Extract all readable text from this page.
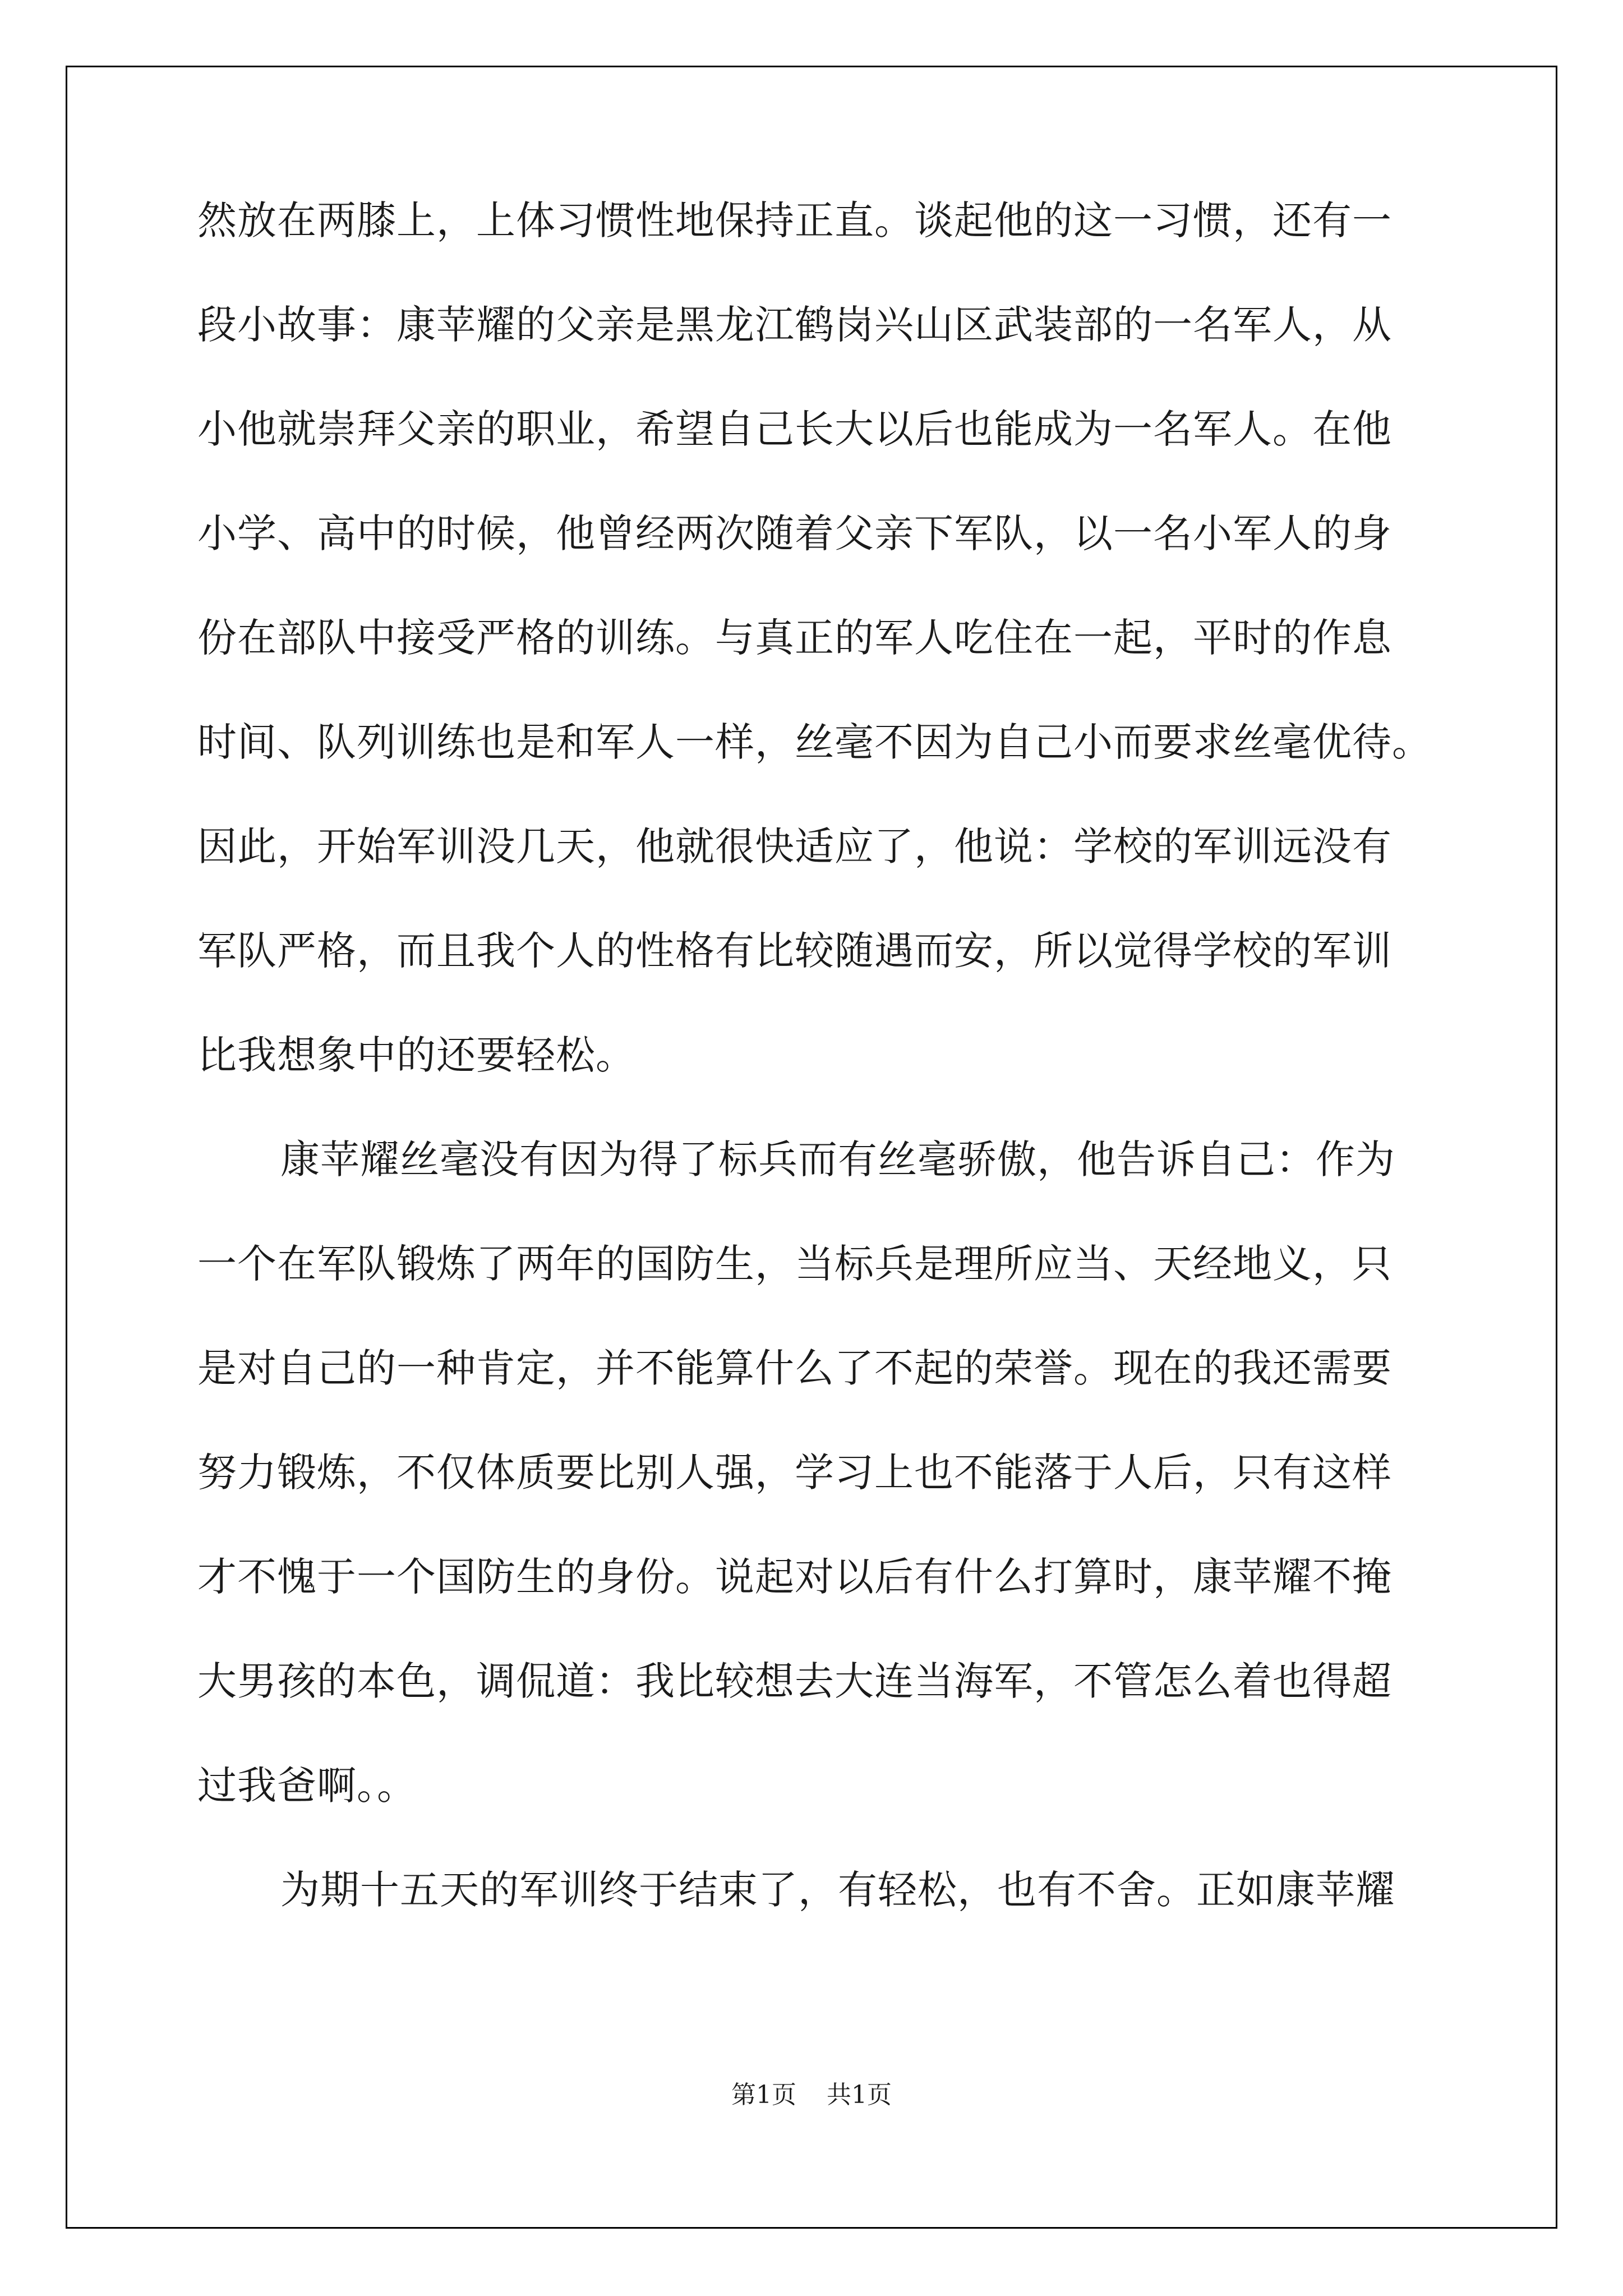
然放在两膝上，上体习惯性地保持正直。谈起他的这一习惯，还有一
段小故事：康苹耀的父亲是黑龙江鹤岗兴山区武装部的一名军人，从
小他就崇拜父亲的职业，希望自己长大以后也能成为一名军人。在他
小学、高中的时候，他曾经两次随着父亲下军队，以一名小军人的身
份在部队中接受严格的训练。与真正的军人吃住在一起，平时的作息
时间、队列训练也是和军人一样，丝毫不因为自己小而要求丝毫优待。
因此，开始军训没几天，他就很快适应了，他说：学校的军训远没有
军队严格，而且我个人的性格有比较随遇而安，所以觉得学校的军训
比我想象中的还要轻松。
康苹耀丝毫没有因为得了标兵而有丝毫骄傲，他告诉自己：作为
一个在军队锻炼了两年的国防生，当标兵是理所应当、天经地义，只
是对自己的一种肯定，并不能算什么了不起的荣誉。现在的我还需要
努力锻炼，不仅体质要比别人强，学习上也不能落于人后，只有这样
才不愧于一个国防生的身份。说起对以后有什么打算时，康苹耀不掩
大男孩的本色，调侃道：我比较想去大连当海军，不管怎么着也得超
过我爸啊。。
为期十五天的军训终于结束了，有轻松，也有不舍。正如康苹耀
第1页 共1页
